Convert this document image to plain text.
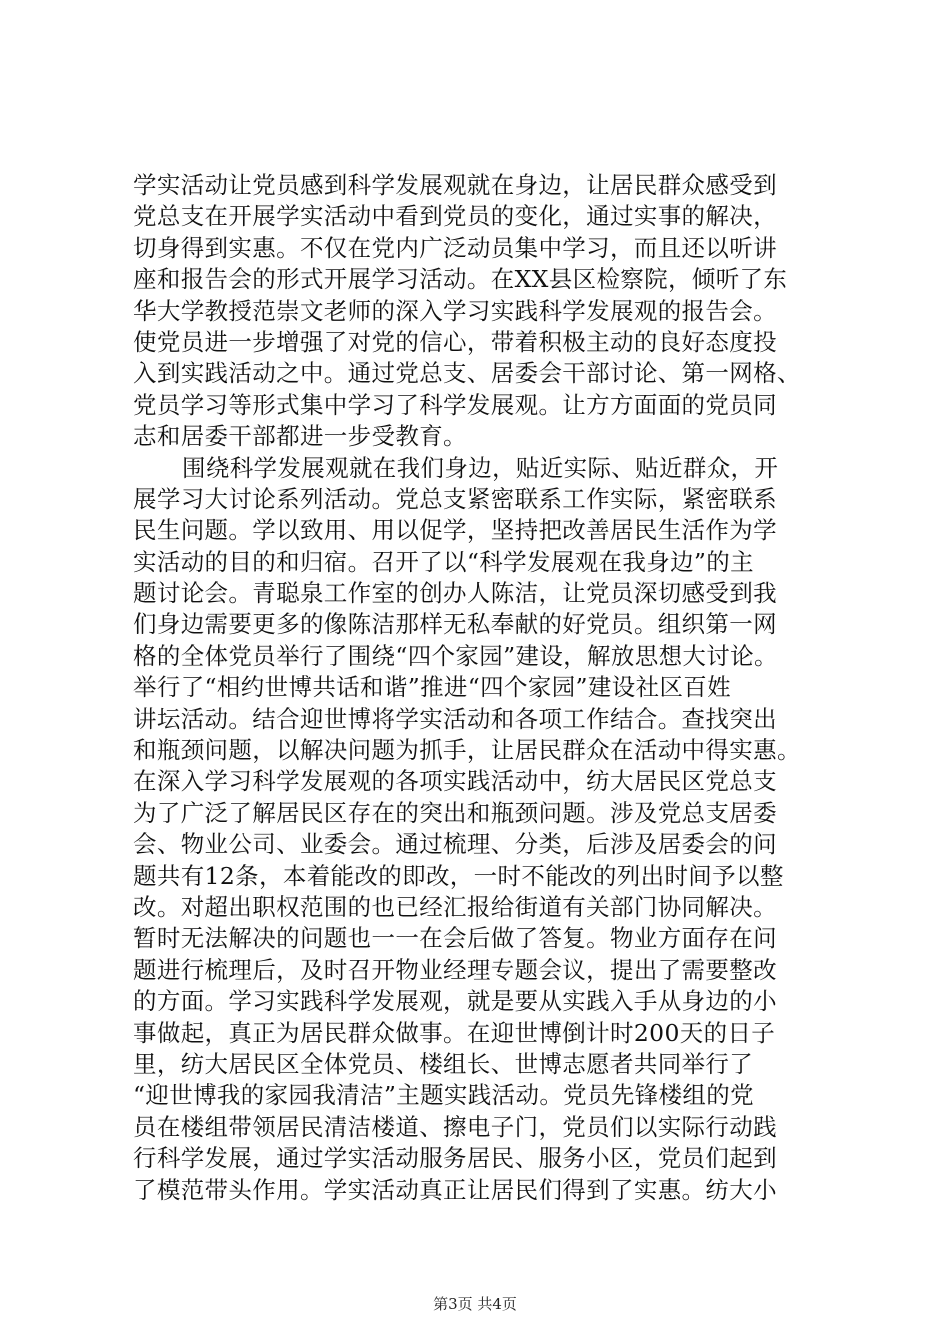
学实活动让党员感到科学发展观就在身边，让居民群众感受到
党总支在开展学实活动中看到党员的变化，通过实事的解决，
切身得到实惠。不仅在党内广泛动员集中学习，而且还以听讲
座和报告会的形式开展学习活动。在XX县区检察院，倾听了东
华大学教授范崇文老师的深入学习实践科学发展观的报告会。
使党员进一步增强了对党的信心，带着积极主动的良好态度投
入到实践活动之中。通过党总支、居委会干部讨论、第一网格、
党员学习等形式集中学习了科学发展观。让方方面面的党员同
志和居委干部都进一步受教育。
围绕科学发展观就在我们身边，贴近实际、贴近群众，开
展学习大讨论系列活动。党总支紧密联系工作实际，紧密联系
民生问题。学以致用、用以促学，坚持把改善居民生活作为学
实活动的目的和归宿。召开了以“科学发展观在我身边”的主
题讨论会。青聪泉工作室的创办人陈洁，让党员深切感受到我
们身边需要更多的像陈洁那样无私奉献的好党员。组织第一网
格的全体党员举行了围绕“四个家园”建设，解放思想大讨论。
举行了“相约世博共话和谐”推进“四个家园”建设社区百姓
讲坛活动。结合迎世博将学实活动和各项工作结合。查找突出
和瓶颈问题，以解决问题为抓手，让居民群众在活动中得实惠。
在深入学习科学发展观的各项实践活动中，纺大居民区党总支
为了广泛了解居民区存在的突出和瓶颈问题。涉及党总支居委
会、物业公司、业委会。通过梳理、分类，后涉及居委会的问
题共有12条，本着能改的即改，一时不能改的列出时间予以整
改。对超出职权范围的也已经汇报给街道有关部门协同解决。
暂时无法解决的问题也一一在会后做了答复。物业方面存在问
题进行梳理后，及时召开物业经理专题会议，提出了需要整改
的方面。学习实践科学发展观，就是要从实践入手从身边的小
事做起，真正为居民群众做事。在迎世博倒计时200天的日子
里，纺大居民区全体党员、楼组长、世博志愿者共同举行了
“迎世博我的家园我清洁”主题实践活动。党员先锋楼组的党
员在楼组带领居民清洁楼道、擦电子门，党员们以实际行动践
行科学发展，通过学实活动服务居民、服务小区，党员们起到
了模范带头作用。学实活动真正让居民们得到了实惠。纺大小
第3页 共4页
